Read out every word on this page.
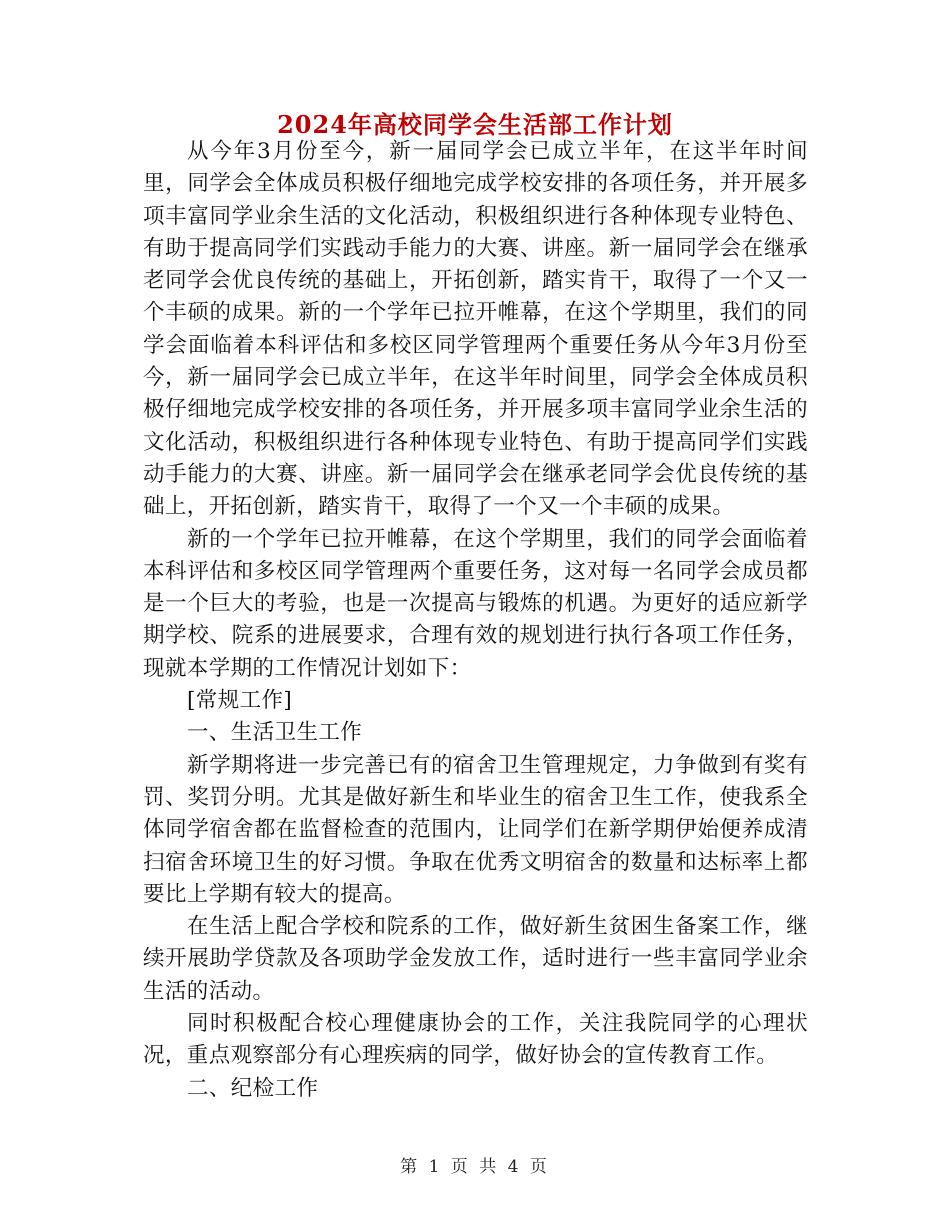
2024年高校同学会生活部工作计划

从今年3月份至今，新一届同学会已成立半年，在这半年时间里，同学会全体成员积极仔细地完成学校安排的各项任务，并开展多项丰富同学业余生活的文化活动，积极组织进行各种体现专业特色、有助于提高同学们实践动手能力的大赛、讲座。新一届同学会在继承老同学会优良传统的基础上，开拓创新，踏实肯干，取得了一个又一个丰硕的成果。新的一个学年已拉开帷幕，在这个学期里，我们的同学会面临着本科评估和多校区同学管理两个重要任务从今年3月份至今，新一届同学会已成立半年，在这半年时间里，同学会全体成员积极仔细地完成学校安排的各项任务，并开展多项丰富同学业余生活的文化活动，积极组织进行各种体现专业特色、有助于提高同学们实践动手能力的大赛、讲座。新一届同学会在继承老同学会优良传统的基础上，开拓创新，踏实肯干，取得了一个又一个丰硕的成果。

新的一个学年已拉开帷幕，在这个学期里，我们的同学会面临着本科评估和多校区同学管理两个重要任务，这对每一名同学会成员都是一个巨大的考验，也是一次提高与锻炼的机遇。为更好的适应新学期学校、院系的进展要求，合理有效的规划进行执行各项工作任务，现就本学期的工作情况计划如下：

[常规工作]

一、生活卫生工作

新学期将进一步完善已有的宿舍卫生管理规定，力争做到有奖有罚、奖罚分明。尤其是做好新生和毕业生的宿舍卫生工作，使我系全体同学宿舍都在监督检查的范围内，让同学们在新学期伊始便养成清扫宿舍环境卫生的好习惯。争取在优秀文明宿舍的数量和达标率上都要比上学期有较大的提高。

在生活上配合学校和院系的工作，做好新生贫困生备案工作，继续开展助学贷款及各项助学金发放工作，适时进行一些丰富同学业余生活的活动。

同时积极配合校心理健康协会的工作，关注我院同学的心理状况，重点观察部分有心理疾病的同学，做好协会的宣传教育工作。

二、纪检工作

第 1 页 共 4 页
